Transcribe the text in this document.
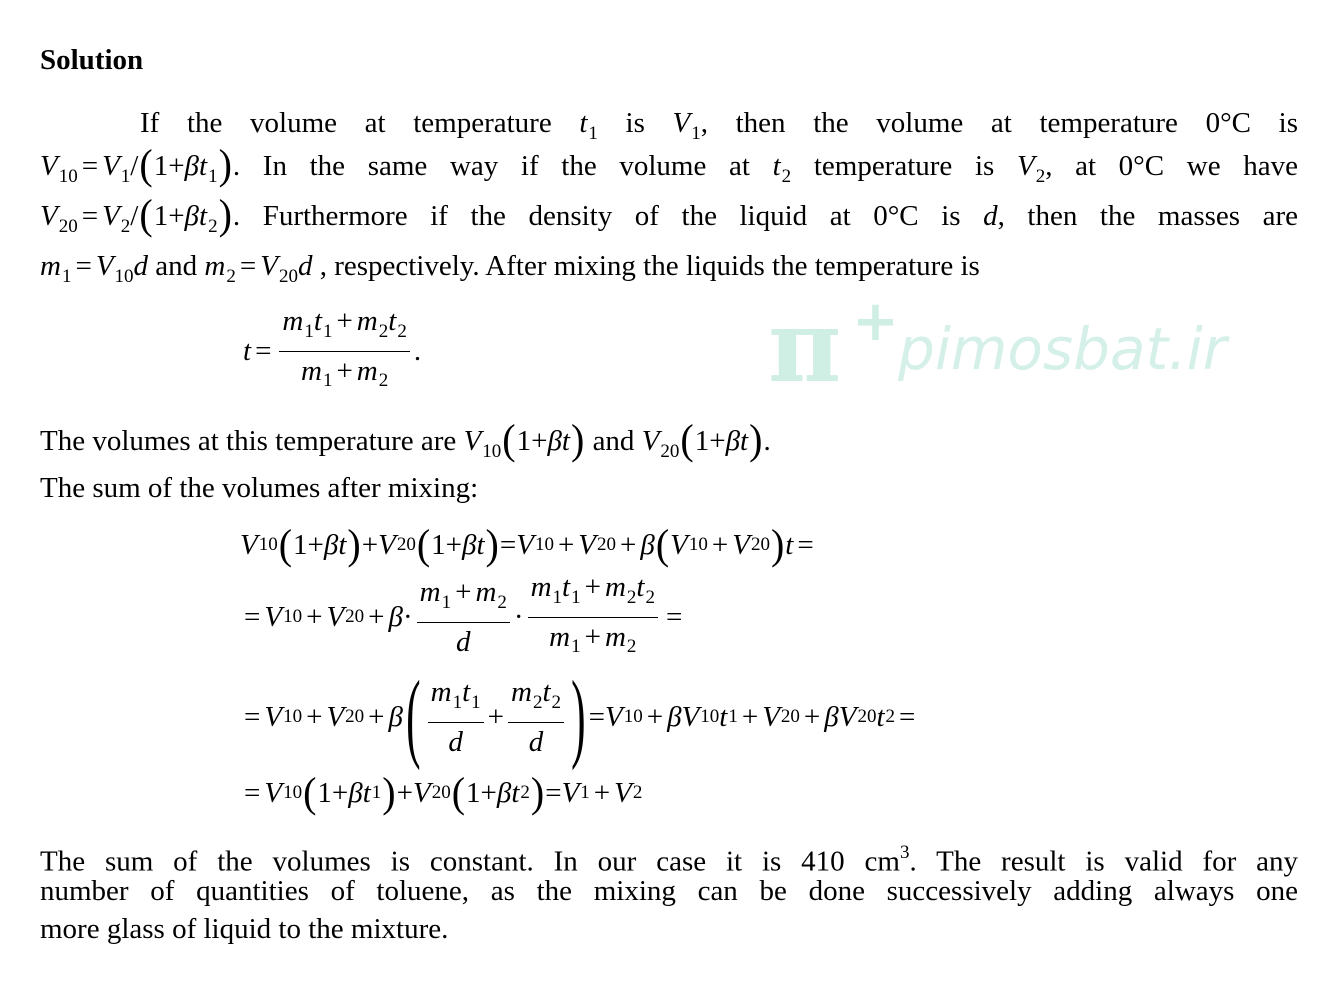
π + pimosbat.ir
Solution
If the volume at temperature $t_1$ is $V_1$, then the volume at temperature 0°C is
$V_{10} = V_1/(1+\beta t_1)$. In the same way if the volume at $t_2$ temperature is $V_2$, at 0°C we have
$V_{20} = V_2/(1+\beta t_2)$. Furthermore if the density of the liquid at 0°C is d, then the masses are
$m_1 = V_{10}d$ and $m_2 = V_{20}d$ , respectively. After mixing the liquids the temperature is
$t = \frac{m_1t_1 + m_2t_2}{m_1 + m_2}$ .
The volumes at this temperature are $V_{10}(1+\beta t)$ and $V_{20}(1+\beta t)$.
The sum of the volumes after mixing:
V 10 ( 1+ β t ) + V 20 ( 1+ β t ) = V 10 + V 20 + β ( V 10 + V 20 ) t =
= V 10 + V $20 + \beta \cdot \frac{m_1 + m_2}{d} \cdot \frac{m_1t_1 + m_2t_2}{m_1 + m_2}$ =
= V 10 + V 20 + β ( $\frac{m_1t_1}{d} + \frac{m_2t_2}{d}$ ) = V 10 + β V 10 t 1 + V 20 + β V 20 t 2 =
= V 10 ( 1+ β t 1 ) + V 20 ( 1+ β t 2 ) = V 1 + V 2
The sum of the volumes is constant. In our case it is 410 $cm^3$. The result is valid for any
number of quantities of toluene, as the mixing can be done successively adding always one
more glass of liquid to the mixture.
